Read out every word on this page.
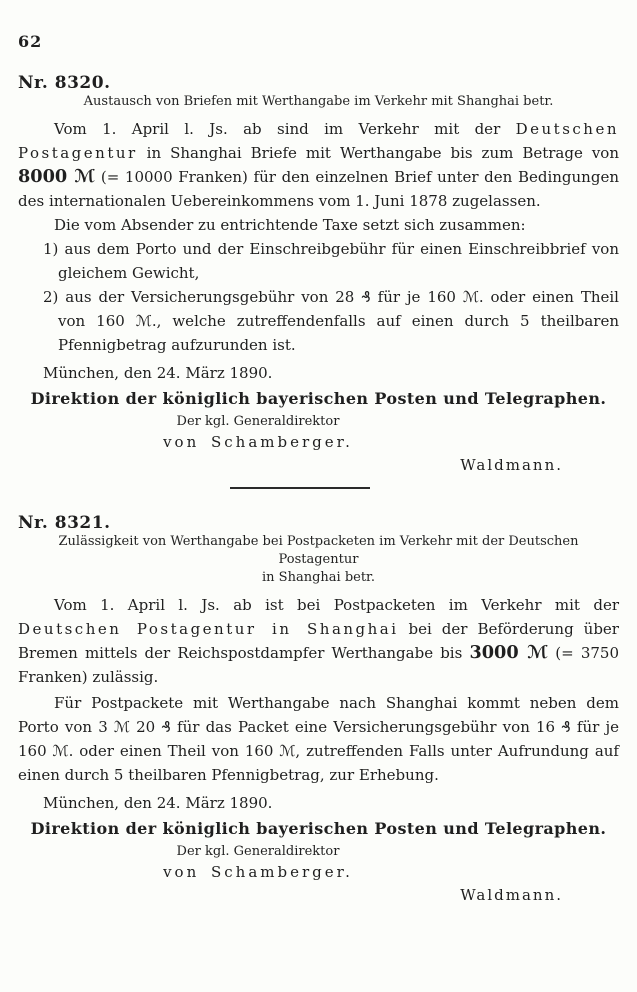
62
Nr. 8320.
Austausch von Briefen mit Werthangabe im Verkehr mit Shanghai betr.

Vom 1. April l. Js. ab sind im Verkehr mit der Deutschen Postagentur in Shanghai Briefe mit Werthangabe bis zum Betrage von 8000 ℳ (= 10000 Franken) für den einzelnen Brief unter den Bedingungen des internationalen Uebereinkommens vom 1. Juni 1878 zugelassen.

Die vom Absender zu entrichtende Taxe setzt sich zusammen:

1) aus dem Porto und der Einschreibgebühr für einen Einschreibbrief von gleichem Gewicht,
2) aus der Versicherungsgebühr von 28 ₰ für je 160 ℳ. oder einen Theil von 160 ℳ., welche zutreffendenfalls auf einen durch 5 theilbaren Pfennigbetrag aufzurunden ist.
München, den 24. März 1890.
Direktion der königlich bayerischen Posten und Telegraphen.
Der kgl. Generaldirektor
von Schamberger.
Waldmann.
Nr. 8321.
Zulässigkeit von Werthangabe bei Postpacketen im Verkehr mit der Deutschen Postagentur
in Shanghai betr.

Vom 1. April l. Js. ab ist bei Postpacketen im Verkehr mit der Deutschen Postagentur in Shanghai bei der Beförderung über Bremen mittels der Reichspostdampfer Werthangabe bis 3000 ℳ (= 3750 Franken) zulässig.

Für Postpackete mit Werthangabe nach Shanghai kommt neben dem Porto von 3 ℳ 20 ₰ für das Packet eine Versicherungsgebühr von 16 ₰ für je 160 ℳ. oder einen Theil von 160 ℳ, zutreffenden Falls unter Aufrundung auf einen durch 5 theilbaren Pfennigbetrag, zur Erhebung.

München, den 24. März 1890.
Direktion der königlich bayerischen Posten und Telegraphen.
Der kgl. Generaldirektor
von Schamberger.
Waldmann.
